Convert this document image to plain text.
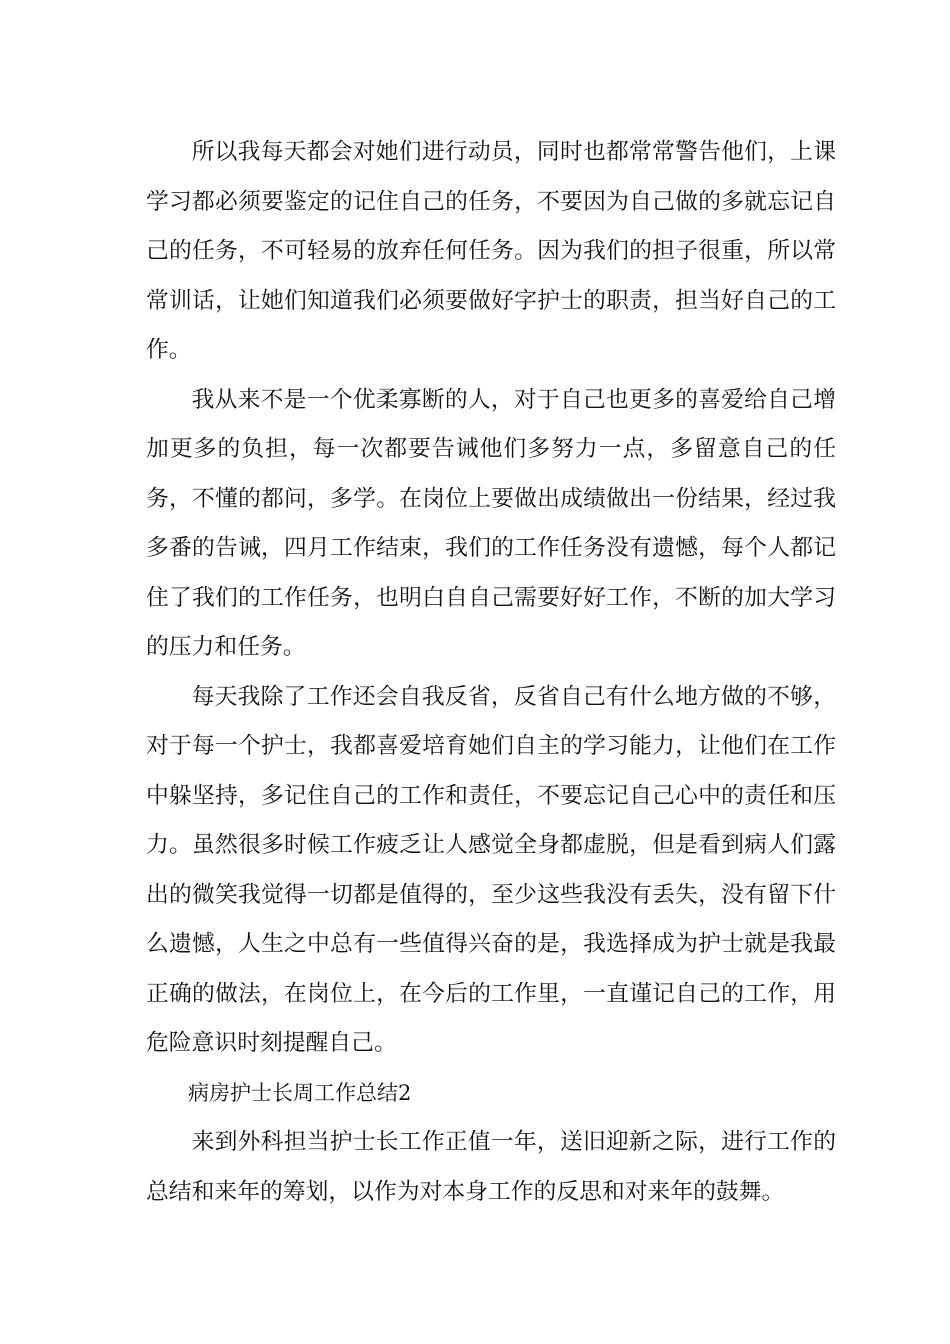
所以我每天都会对她们进行动员，同时也都常常警告他们，上课学习都必须要鉴定的记住自己的任务，不要因为自己做的多就忘记自己的任务，不可轻易的放弃任何任务。因为我们的担子很重，所以常常训话，让她们知道我们必须要做好字护士的职责，担当好自己的工作。

我从来不是一个优柔寡断的人，对于自己也更多的喜爱给自己增加更多的负担，每一次都要告诫他们多努力一点，多留意自己的任务，不懂的都问，多学。在岗位上要做出成绩做出一份结果，经过我多番的告诫，四月工作结束，我们的工作任务没有遗憾，每个人都记住了我们的工作任务，也明白自自己需要好好工作，不断的加大学习的压力和任务。

每天我除了工作还会自我反省，反省自己有什么地方做的不够，对于每一个护士，我都喜爱培育她们自主的学习能力，让他们在工作中躲坚持，多记住自己的工作和责任，不要忘记自己心中的责任和压力。虽然很多时候工作疲乏让人感觉全身都虚脱，但是看到病人们露出的微笑我觉得一切都是值得的，至少这些我没有丢失，没有留下什么遗憾，人生之中总有一些值得兴奋的是，我选择成为护士就是我最正确的做法，在岗位上，在今后的工作里，一直谨记自己的工作，用危险意识时刻提醒自己。

病房护士长周工作总结2

来到外科担当护士长工作正值一年，送旧迎新之际，进行工作的总结和来年的筹划，以作为对本身工作的反思和对来年的鼓舞。
